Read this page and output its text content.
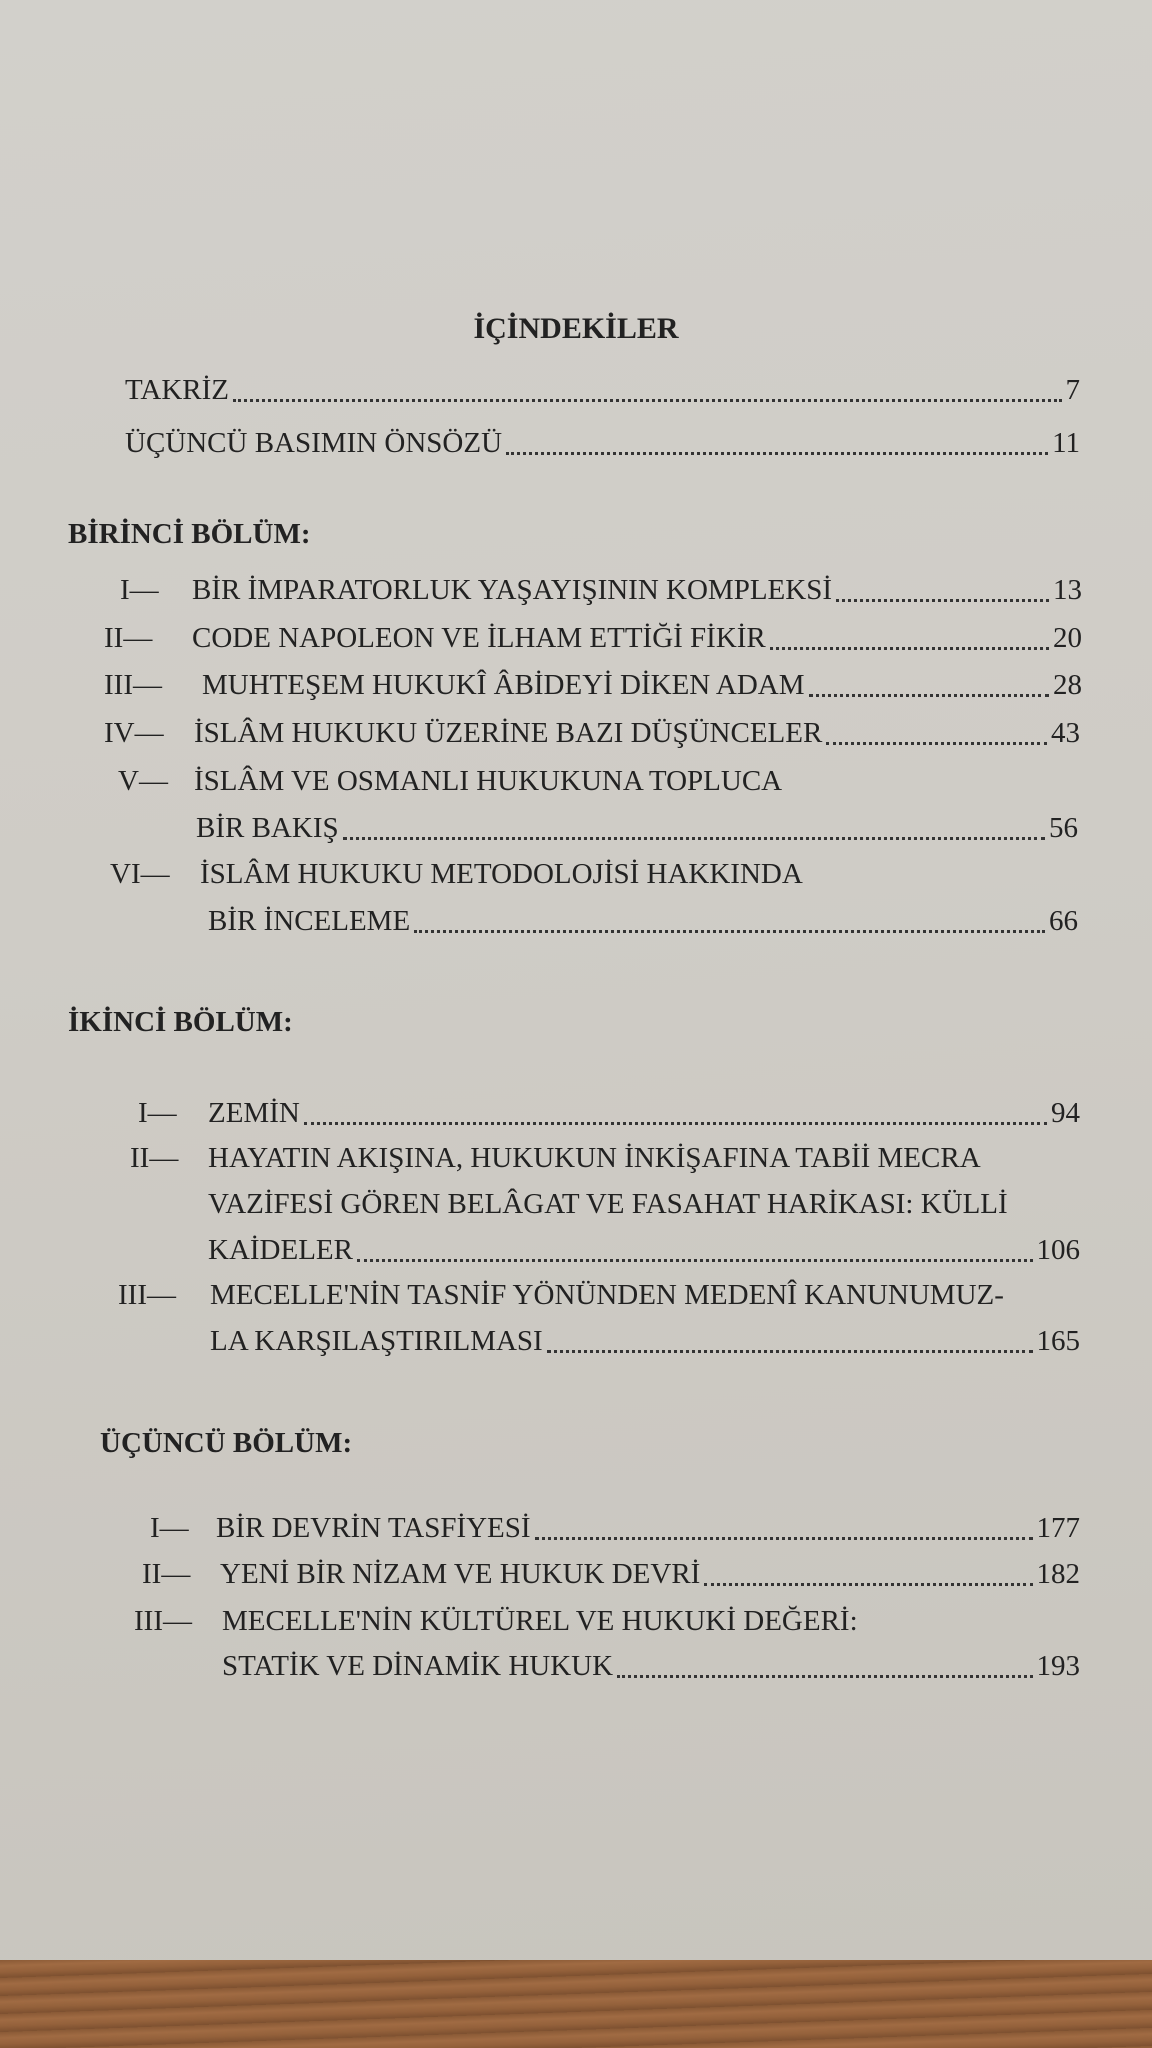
İÇİNDEKİLER
TAKRİZ	7
ÜÇÜNCÜ BASIMIN ÖNSÖZÜ	11
BİRİNCİ BÖLÜM:
I—	BİR İMPARATORLUK YAŞAYIŞININ KOMPLEKSİ	13
II—	CODE NAPOLEON VE İLHAM ETTİĞİ FİKİR	20
III—	MUHTEŞEM HUKUKÎ ÂBİDEYİ DİKEN ADAM	28
IV—	İSLÂM HUKUKU ÜZERİNE BAZI DÜŞÜNCELER	43
V— İSLÂM VE OSMANLI HUKUKUNA TOPLUCA
BİR BAKIŞ	56
VI—	İSLÂM HUKUKU METODOLOJİSİ HAKKINDA
BİR İNCELEME	66
İKİNCİ BÖLÜM:
I—	ZEMİN	94
II—	HAYATIN AKIŞINA, HUKUKUN İNKİŞAFINA TABİİ MECRA
VAZİFESİ GÖREN BELÂGAT VE FASAHAT HARİKASI: KÜLLİ
KAİDELER	106
III—	MECELLE'NİN TASNİF YÖNÜNDEN MEDENÎ KANUNUMUZ-
LA KARŞILAŞTIRILMASI	165
ÜÇÜNCÜ BÖLÜM:
I— BİR DEVRİN TASFİYESİ	177
II—	YENİ BİR NİZAM VE HUKUK DEVRİ	182
III—	MECELLE'NİN KÜLTÜREL VE HUKUKİ DEĞERİ:
STATİK VE DİNAMİK HUKUK	193
